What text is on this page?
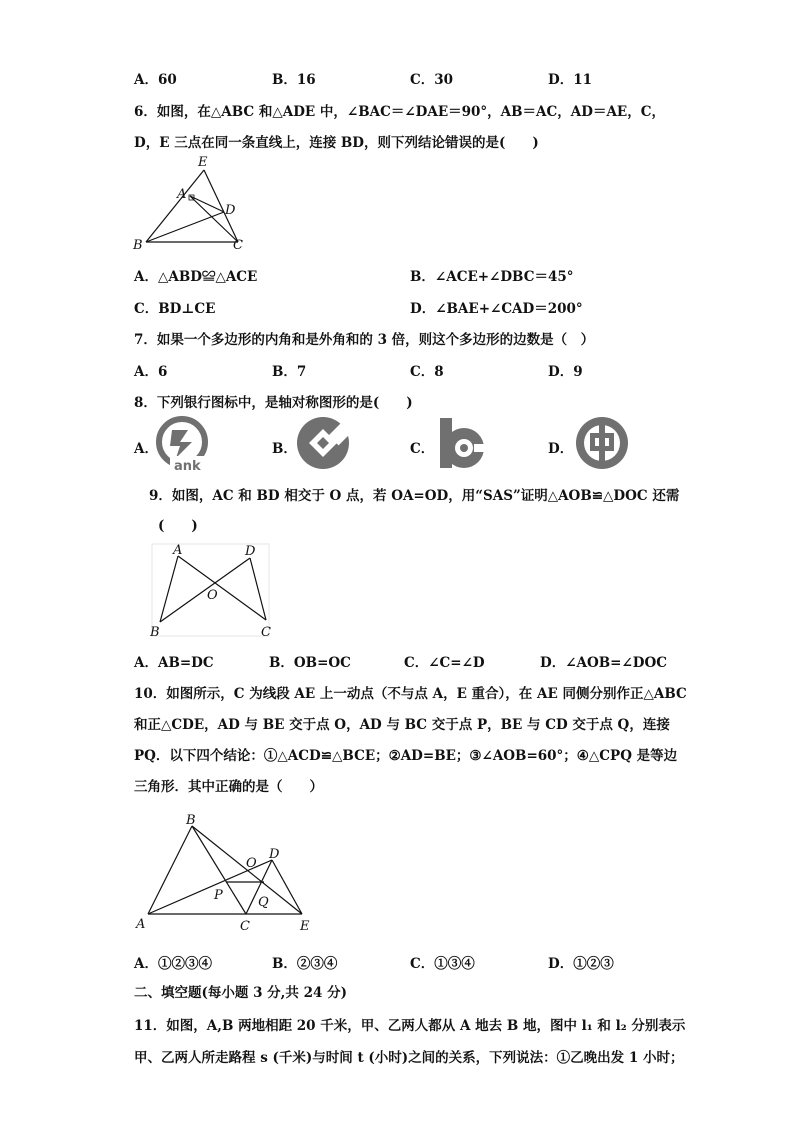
A．60	B．16	C．30	D．11
6．如图，在△ABC 和△ADE 中，∠BAC＝∠DAE＝90°，AB＝AC，AD＝AE，C，
D，E 三点在同一条直线上，连接 BD，则下列结论错误的是(　　)
E
A
D
B	C
A．△ABD≌△ACE	B．∠ACE+∠DBC＝45°
C．BD⊥CE	D．∠BAE+∠CAD＝200°
7．如果一个多边形的内角和是外角和的 3 倍，则这个多边形的边数是（　）
A．6	B．7	C．8	D．9
8．下列银行图标中，是轴对称图形的是(　　)
A．	B．	C．	D．
ank
9．如图，AC 和 BD 相交于 O 点，若 OA=OD，用“SAS”证明△AOB≌△DOC 还需
(　　)
A	D
O
B	C
A．AB=DC	B．OB=OC	C．∠C=∠D	D．∠AOB=∠DOC
10．如图所示，C 为线段 AE 上一动点（不与点 A，E 重合），在 AE 同侧分别作正△ABC
和正△CDE，AD 与 BE 交于点 O，AD 与 BC 交于点 P，BE 与 CD 交于点 Q，连接
PQ．以下四个结论：①△ACD≌△BCE；②AD=BE；③∠AOB=60°；④△CPQ 是等边
三角形．其中正确的是（　　）
B
O
D
P	Q
A	C	E
A．①②③④	B．②③④	C．①③④	D．①②③
二、填空题(每小题 3 分,共 24 分)
11．如图，A,B 两地相距 20 千米，甲、乙两人都从 A 地去 B 地，图中 l₁ 和 l₂ 分别表示
甲、乙两人所走路程 s (千米)与时间 t (小时)之间的关系，下列说法：①乙晚出发 1 小时；
